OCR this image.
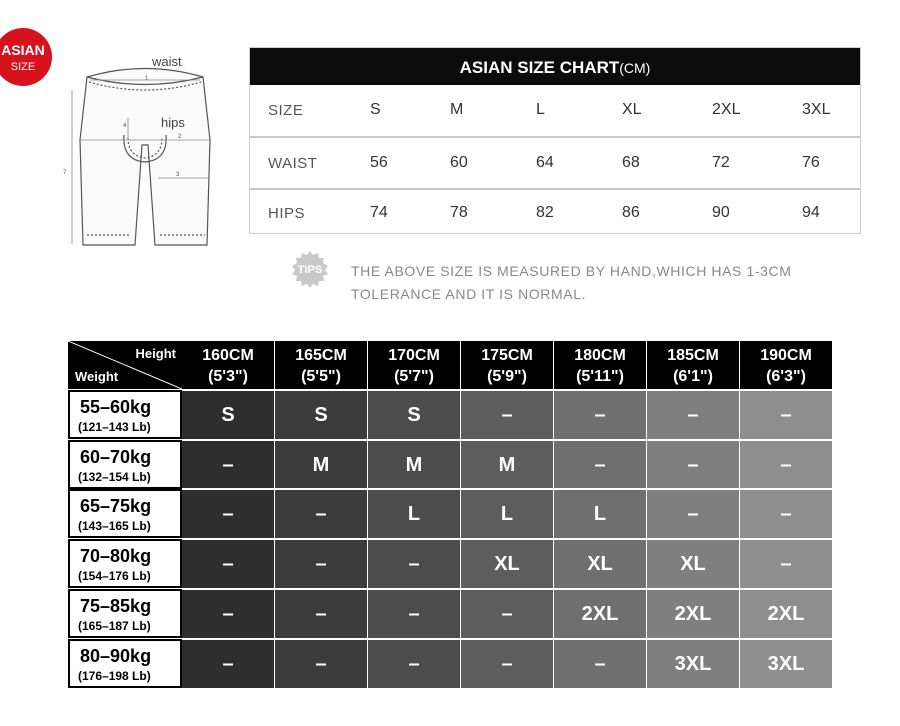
ASIAN
SIZE
1
2
3
4
7
waist
hips
ASIAN SIZE CHART(CM)
SIZE	S	M	L	XL	2XL	3XL
WAIST	56	60	64	68	72	76
HIPS	74	78	82	86	90	94
TIPS THE ABOVE SIZE IS MEASURED BY HAND,WHICH HAS 1-3CM
TOLERANCE AND IT IS NORMAL.
Height
Weight
160CM
(5'3")
165CM
(5'5")
170CM
(5'7")
175CM
(5'9")
180CM
(5'11")
185CM
(6'1")
190CM
(6'3")
55–60kg
(121–143 Lb)
S	S	S	–	–	–	–
60–70kg
(132–154 Lb)
–	M	M	M	–	–	–
65–75kg
(143–165 Lb)
–	–	L	L	L	–	–
70–80kg
(154–176 Lb)
–	–	–	XL	XL	XL	–
75–85kg
(165–187 Lb)
–	–	–	–	2XL	2XL	2XL
80–90kg
(176–198 Lb)
–	–	–	–	–	3XL	3XL
